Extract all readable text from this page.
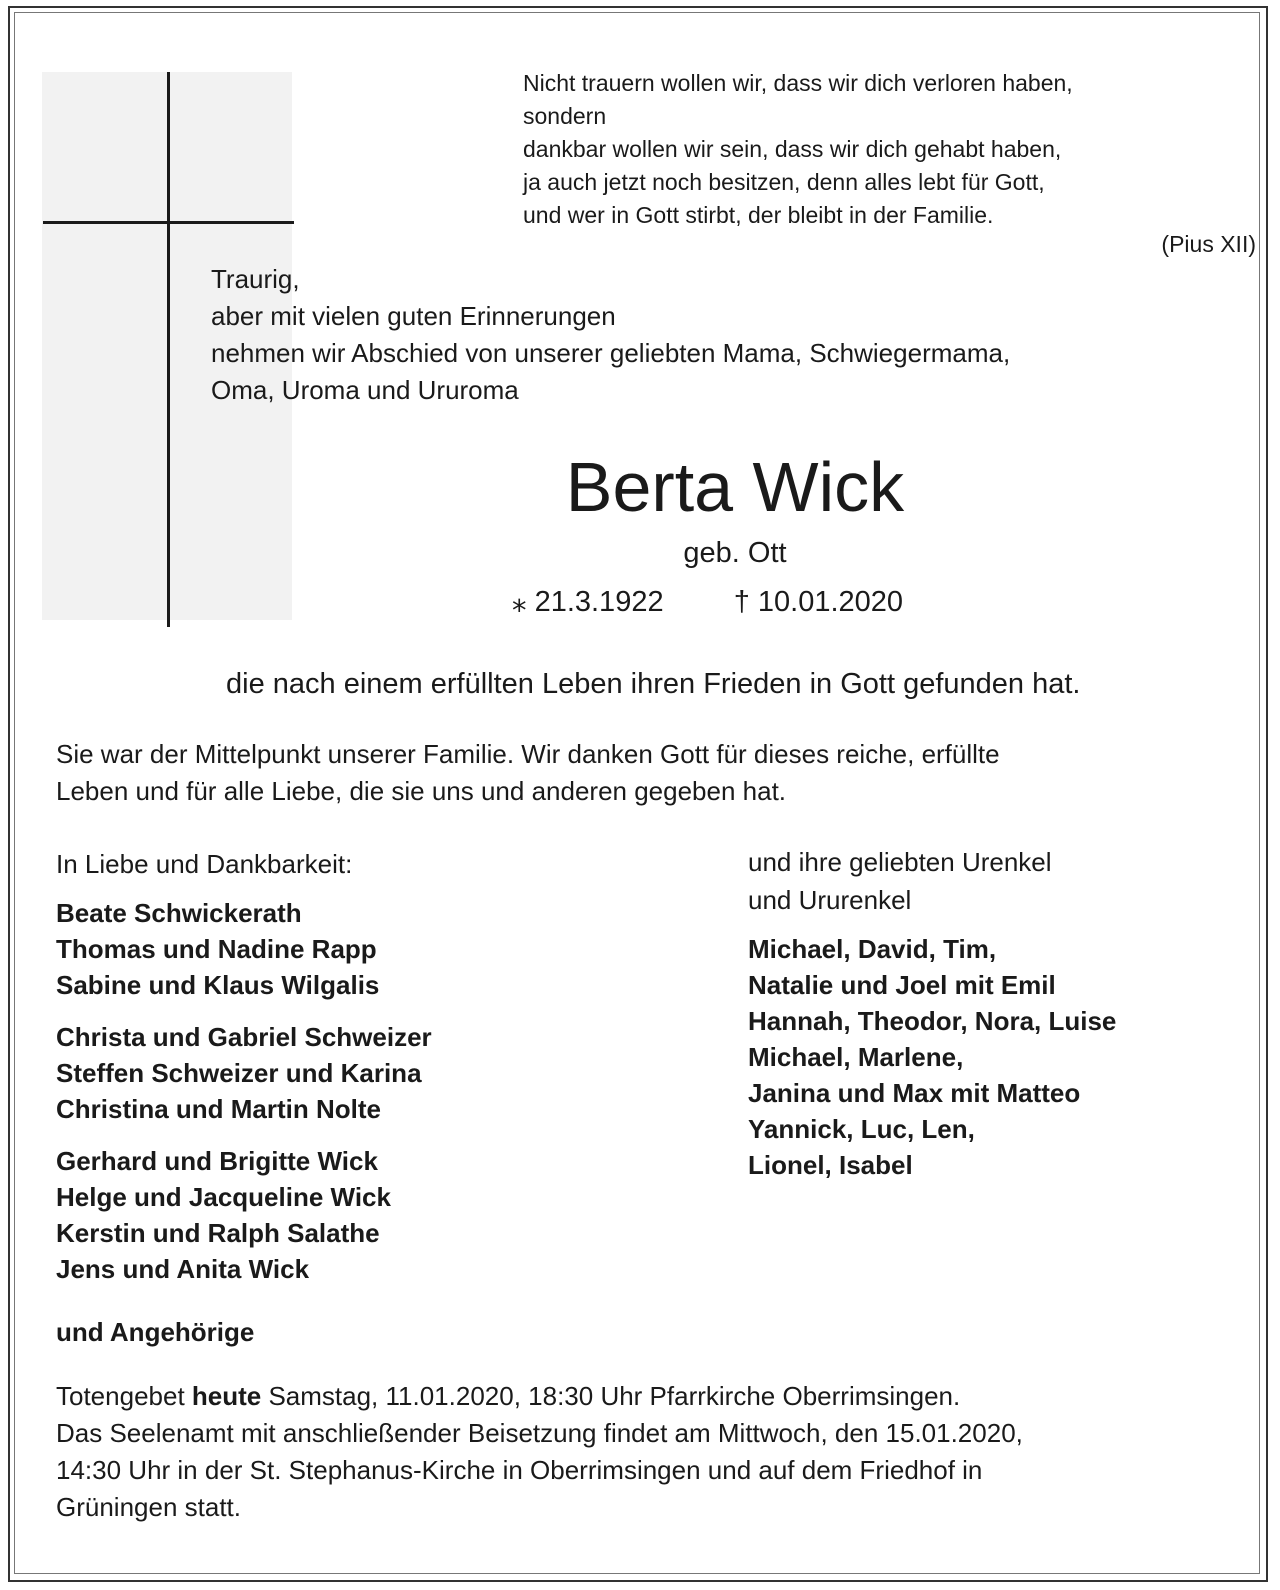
Nicht trauern wollen wir, dass wir dich verloren haben,
sondern
dankbar wollen wir sein, dass wir dich gehabt haben,
ja auch jetzt noch besitzen, denn alles lebt für Gott,
und wer in Gott stirbt, der bleibt in der Familie.
(Pius XII)
Traurig,
aber mit vielen guten Erinnerungen
nehmen wir Abschied von unserer geliebten Mama, Schwiegermama,
Oma, Uroma und Ururoma
Berta Wick
geb. Ott
⁎ 21.3.1922 † 10.01.2020
die nach einem erfüllten Leben ihren Frieden in Gott gefunden hat.
Sie war der Mittelpunkt unserer Familie. Wir danken Gott für dieses reiche, erfüllte
Leben und für alle Liebe, die sie uns und anderen gegeben hat.
In Liebe und Dankbarkeit:
Beate Schwickerath
Thomas und Nadine Rapp
Sabine und Klaus Wilgalis
Christa und Gabriel Schweizer
Steffen Schweizer und Karina
Christina und Martin Nolte
Gerhard und Brigitte Wick
Helge und Jacqueline Wick
Kerstin und Ralph Salathe
Jens und Anita Wick
und Angehörige
und ihre geliebten Urenkel
und Ururenkel
Michael, David, Tim,
Natalie und Joel mit Emil
Hannah, Theodor, Nora, Luise
Michael, Marlene,
Janina und Max mit Matteo
Yannick, Luc, Len,
Lionel, Isabel
Totengebet heute Samstag, 11.01.2020, 18:30 Uhr Pfarrkirche Oberrimsingen.
Das Seelenamt mit anschließender Beisetzung findet am Mittwoch, den 15.01.2020,
14:30 Uhr in der St. Stephanus-Kirche in Oberrimsingen und auf dem Friedhof in
Grüningen statt.
